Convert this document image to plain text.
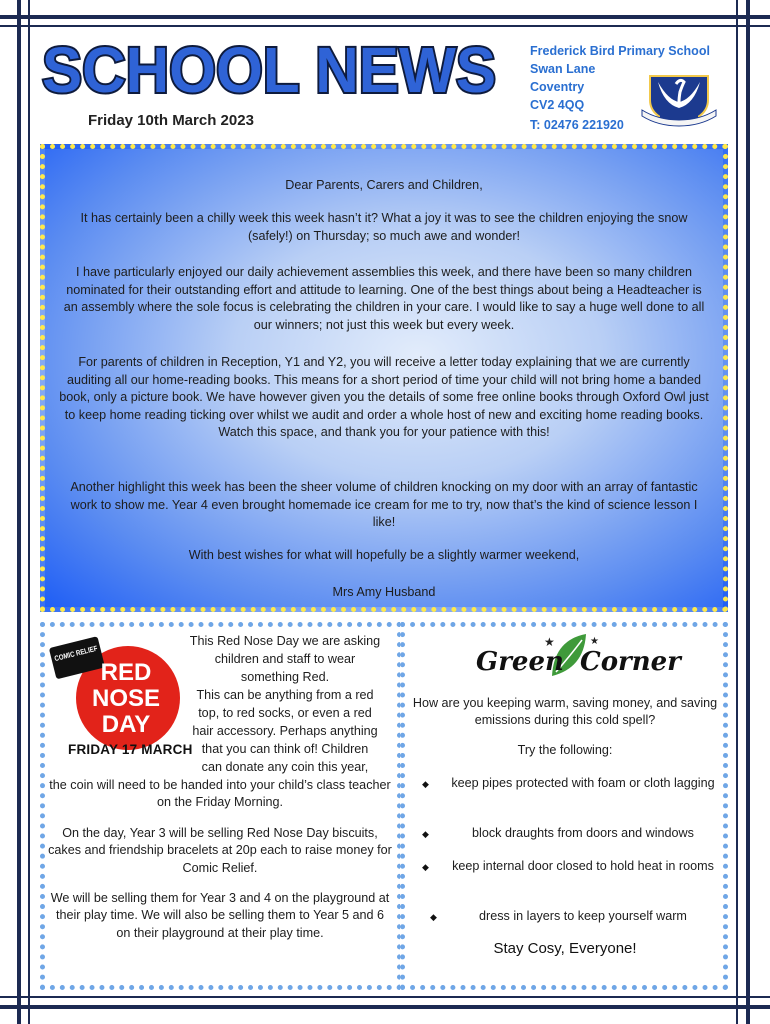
SCHOOL NEWS
Friday 10th March 2023
Frederick Bird Primary School
Swan Lane
Coventry
CV2 4QQ
T: 02476 221920

Dear Parents, Carers and Children,

It has certainly been a chilly week this week hasn’t it? What a joy it was to see the children enjoying the snow (safely!) on Thursday; so much awe and wonder!

I have particularly enjoyed our daily achievement assemblies this week, and there have been so many children nominated for their outstanding effort and attitude to learning. One of the best things about being a Headteacher is an assembly where the sole focus is celebrating the children in your care. I would like to say a huge well done to all our winners; not just this week but every week.

For parents of children in Reception, Y1 and Y2, you will receive a letter today explaining that we are currently auditing all our home-reading books. This means for a short period of time your child will not bring home a banded book, only a picture book. We have however given you the details of some free online books through Oxford Owl just to keep home reading ticking over whilst we audit and order a whole host of new and exciting home reading books. Watch this space, and thank you for your patience with this!

Another highlight this week has been the sheer volume of children knocking on my door with an array of fantastic work to show me. Year 4 even brought homemade ice cream for me to try, now that’s the kind of science lesson I like!

With best wishes for what will hopefully be a slightly warmer weekend,

Mrs Amy Husband

COMIC RELIEF
RED
NOSE
DAY
FRIDAY 17 MARCH
This Red Nose Day we are asking
children and staff to wear
something Red.
This can be anything from a red
top, to red socks, or even a red
hair accessory. Perhaps anything
that you can think of! Children
can donate any coin this year,
the coin will need to be handed into your child’s class teacher on the Friday Morning.
On the day, Year 3 will be selling Red Nose Day biscuits, cakes and friendship bracelets at 20p each to raise money for Comic Relief.
We will be selling them for Year 3 and 4 on the playground at their play time. We will also be selling them to Year 5 and 6 on their playground at their play time.
★	★
Green Corner
How are you keeping warm, saving money, and saving emissions during this cold spell?
Try the following:
◆	keep pipes protected with foam or cloth lagging
◆	block draughts from doors and windows
◆	keep internal door closed to hold heat in rooms
◆	dress in layers to keep yourself warm
Stay Cosy, Everyone!
